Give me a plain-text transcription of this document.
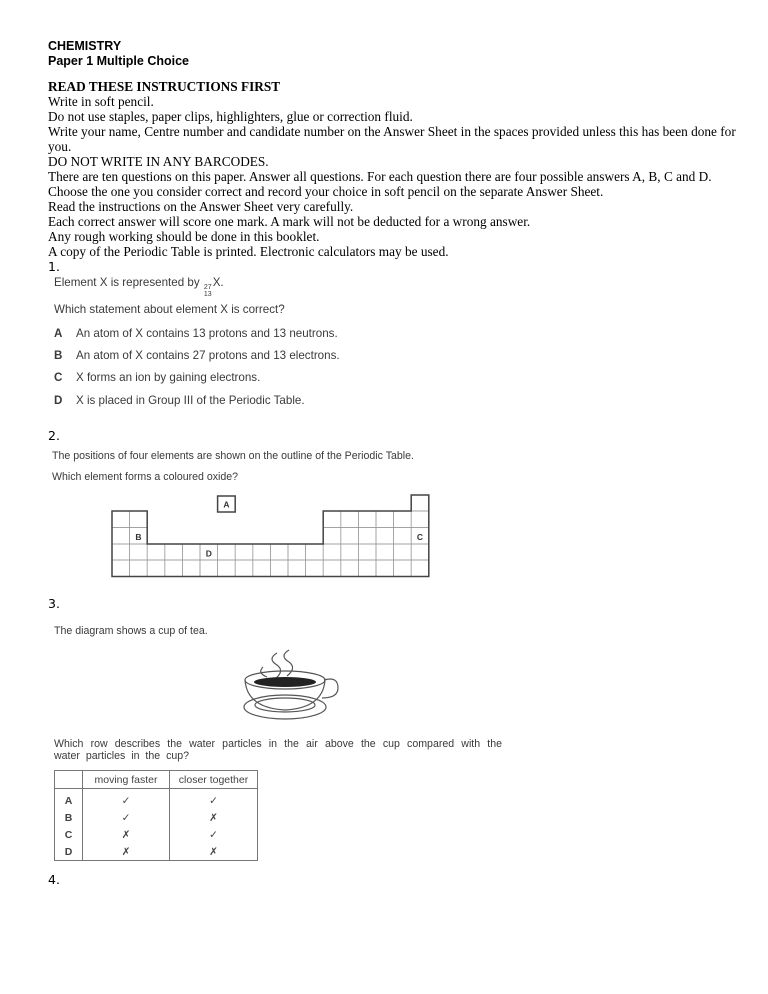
CHEMISTRY
Paper 1 Multiple Choice
READ THESE INSTRUCTIONS FIRST
Write in soft pencil.
Do not use staples, paper clips, highlighters, glue or correction fluid.
Write your name, Centre number and candidate number on the Answer Sheet in the spaces provided unless this has been done for
you.
DO NOT WRITE IN ANY BARCODES.
There are ten questions on this paper. Answer all questions. For each question there are four possible answers A, B, C and D.
Choose the one you consider correct and record your choice in soft pencil on the separate Answer Sheet.
Read the instructions on the Answer Sheet very carefully.
Each correct answer will score one mark. A mark will not be deducted for a wrong answer.
Any rough working should be done in this booklet.
A copy of the Periodic Table is printed. Electronic calculators may be used.
1.
Element X is represented by 27
13
X.
Which statement about element X is correct?
A An atom of X contains 13 protons and 13 neutrons.
B An atom of X contains 27 protons and 13 electrons.
C X forms an ion by gaining electrons.
D X is placed in Group III of the Periodic Table.
2.
The positions of four elements are shown on the outline of the Periodic Table.
Which element forms a coloured oxide?
A
B	C
D
3.
The diagram shows a cup of tea.
Which row describes the water particles in the air above the cup compared with the water particles in the cup?
	moving faster	closer together
A	✓	✓
B	✓	✗
C	✗	✓
D	✗	✗
4.
